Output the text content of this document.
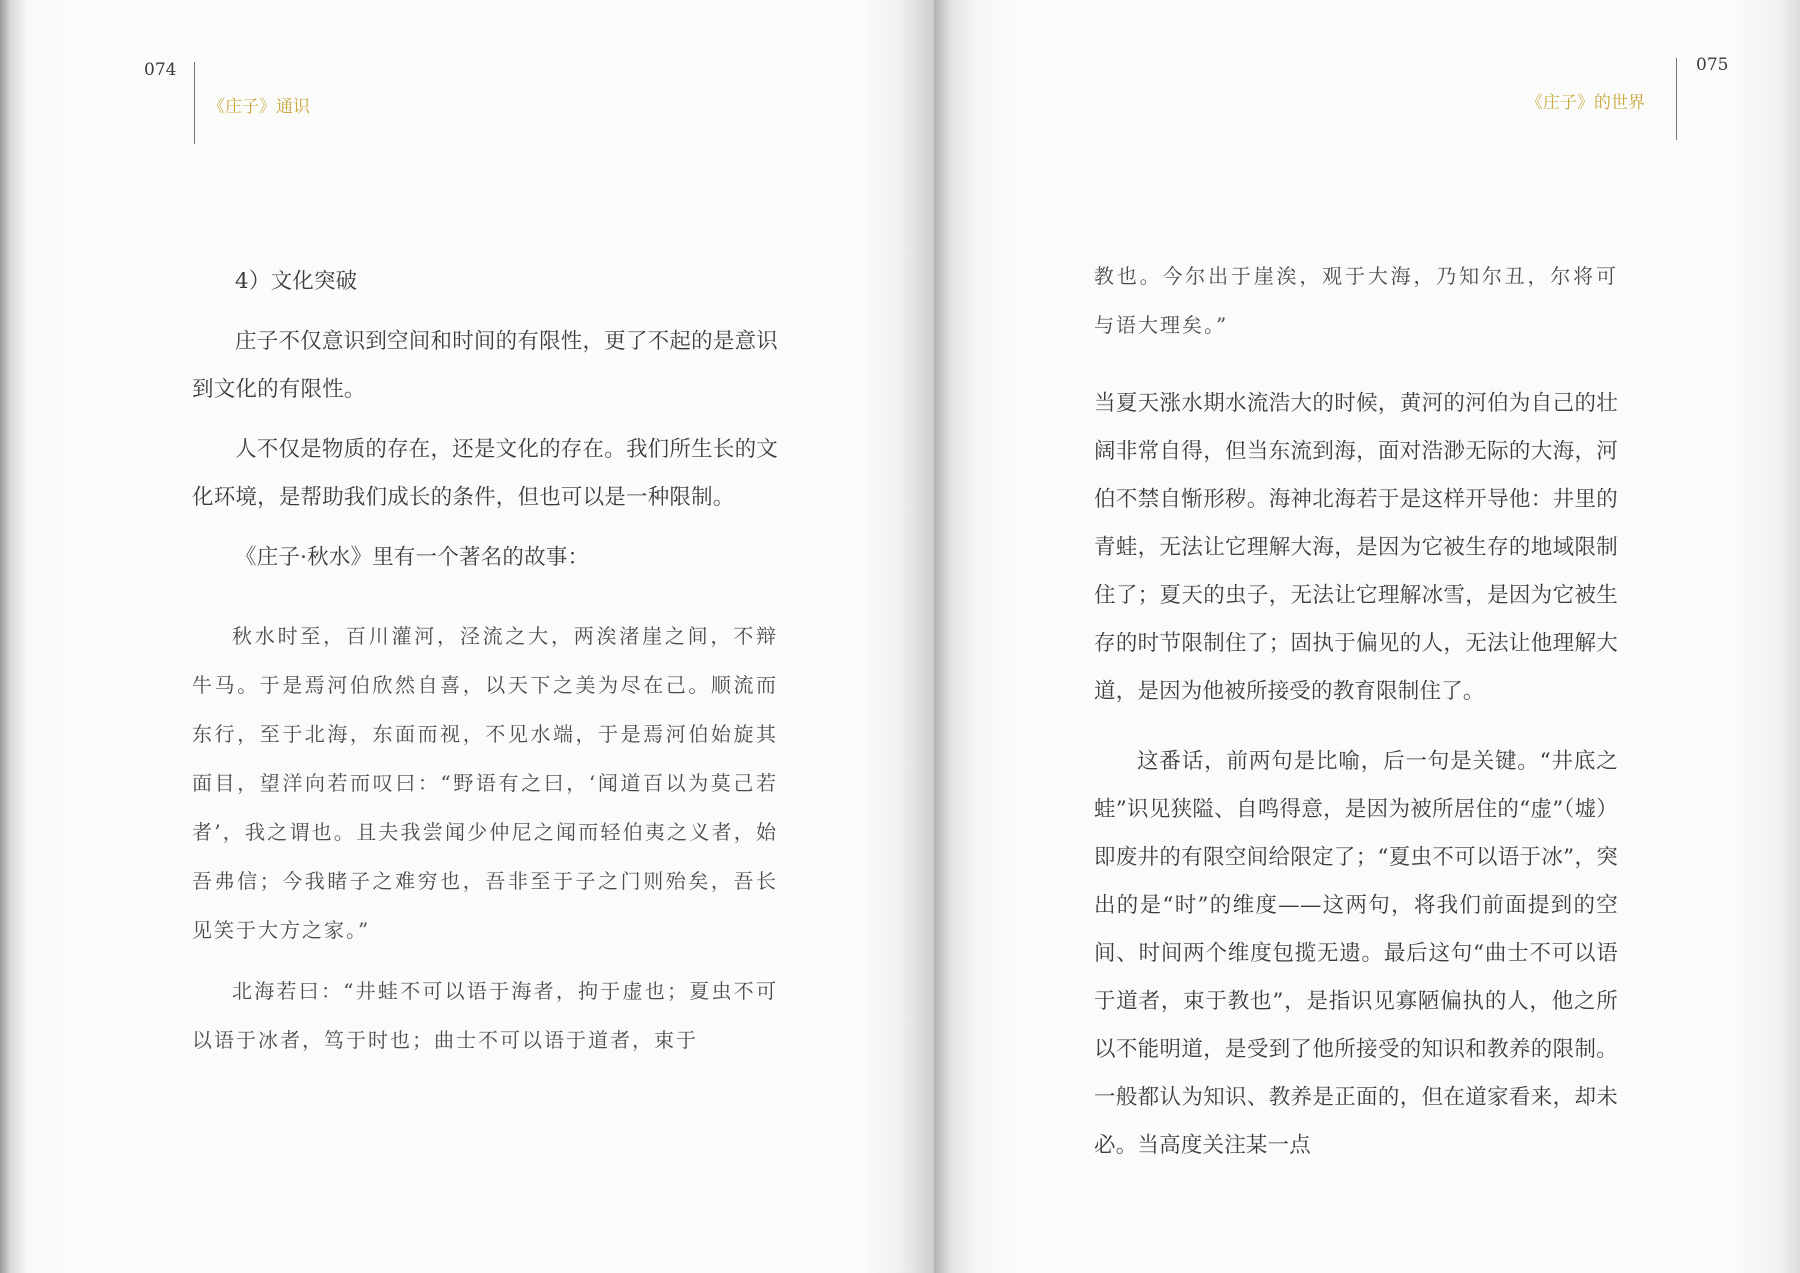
074
《庄子》通识

4）文化突破

庄子不仅意识到空间和时间的有限性，更了不起的是意识到文化的有限性。

人不仅是物质的存在，还是文化的存在。我们所生长的文化环境，是帮助我们成长的条件，但也可以是一种限制。

《庄子·秋水》里有一个著名的故事：

秋水时至，百川灌河，泾流之大，两涘渚崖之间，不辩牛马。于是焉河伯欣然自喜，以天下之美为尽在己。顺流而东行，至于北海，东面而视，不见水端，于是焉河伯始旋其面目，望洋向若而叹曰：“野语有之曰，‘闻道百以为莫己若者’，我之谓也。且夫我尝闻少仲尼之闻而轻伯夷之义者，始吾弗信；今我睹子之难穷也，吾非至于子之门则殆矣，吾长见笑于大方之家。”

北海若曰：“井蛙不可以语于海者，拘于虚也；夏虫不可以语于冰者，笃于时也；曲士不可以语于道者，束于

075
《庄子》的世界

教也。今尔出于崖涘，观于大海，乃知尔丑，尔将可与语大理矣。”

当夏天涨水期水流浩大的时候，黄河的河伯为自己的壮阔非常自得，但当东流到海，面对浩渺无际的大海，河伯不禁自惭形秽。海神北海若于是这样开导他：井里的青蛙，无法让它理解大海，是因为它被生存的地域限制住了；夏天的虫子，无法让它理解冰雪，是因为它被生存的时节限制住了；固执于偏见的人，无法让他理解大道，是因为他被所接受的教育限制住了。

这番话，前两句是比喻，后一句是关键。“井底之蛙”识见狭隘、自鸣得意，是因为被所居住的“虚”（墟）即废井的有限空间给限定了；“夏虫不可以语于冰”，突出的是“时”的维度——这两句，将我们前面提到的空间、时间两个维度包揽无遗。最后这句“曲士不可以语于道者，束于教也”，是指识见寡陋偏执的人，他之所以不能明道，是受到了他所接受的知识和教养的限制。一般都认为知识、教养是正面的，但在道家看来，却未必。当高度关注某一点
